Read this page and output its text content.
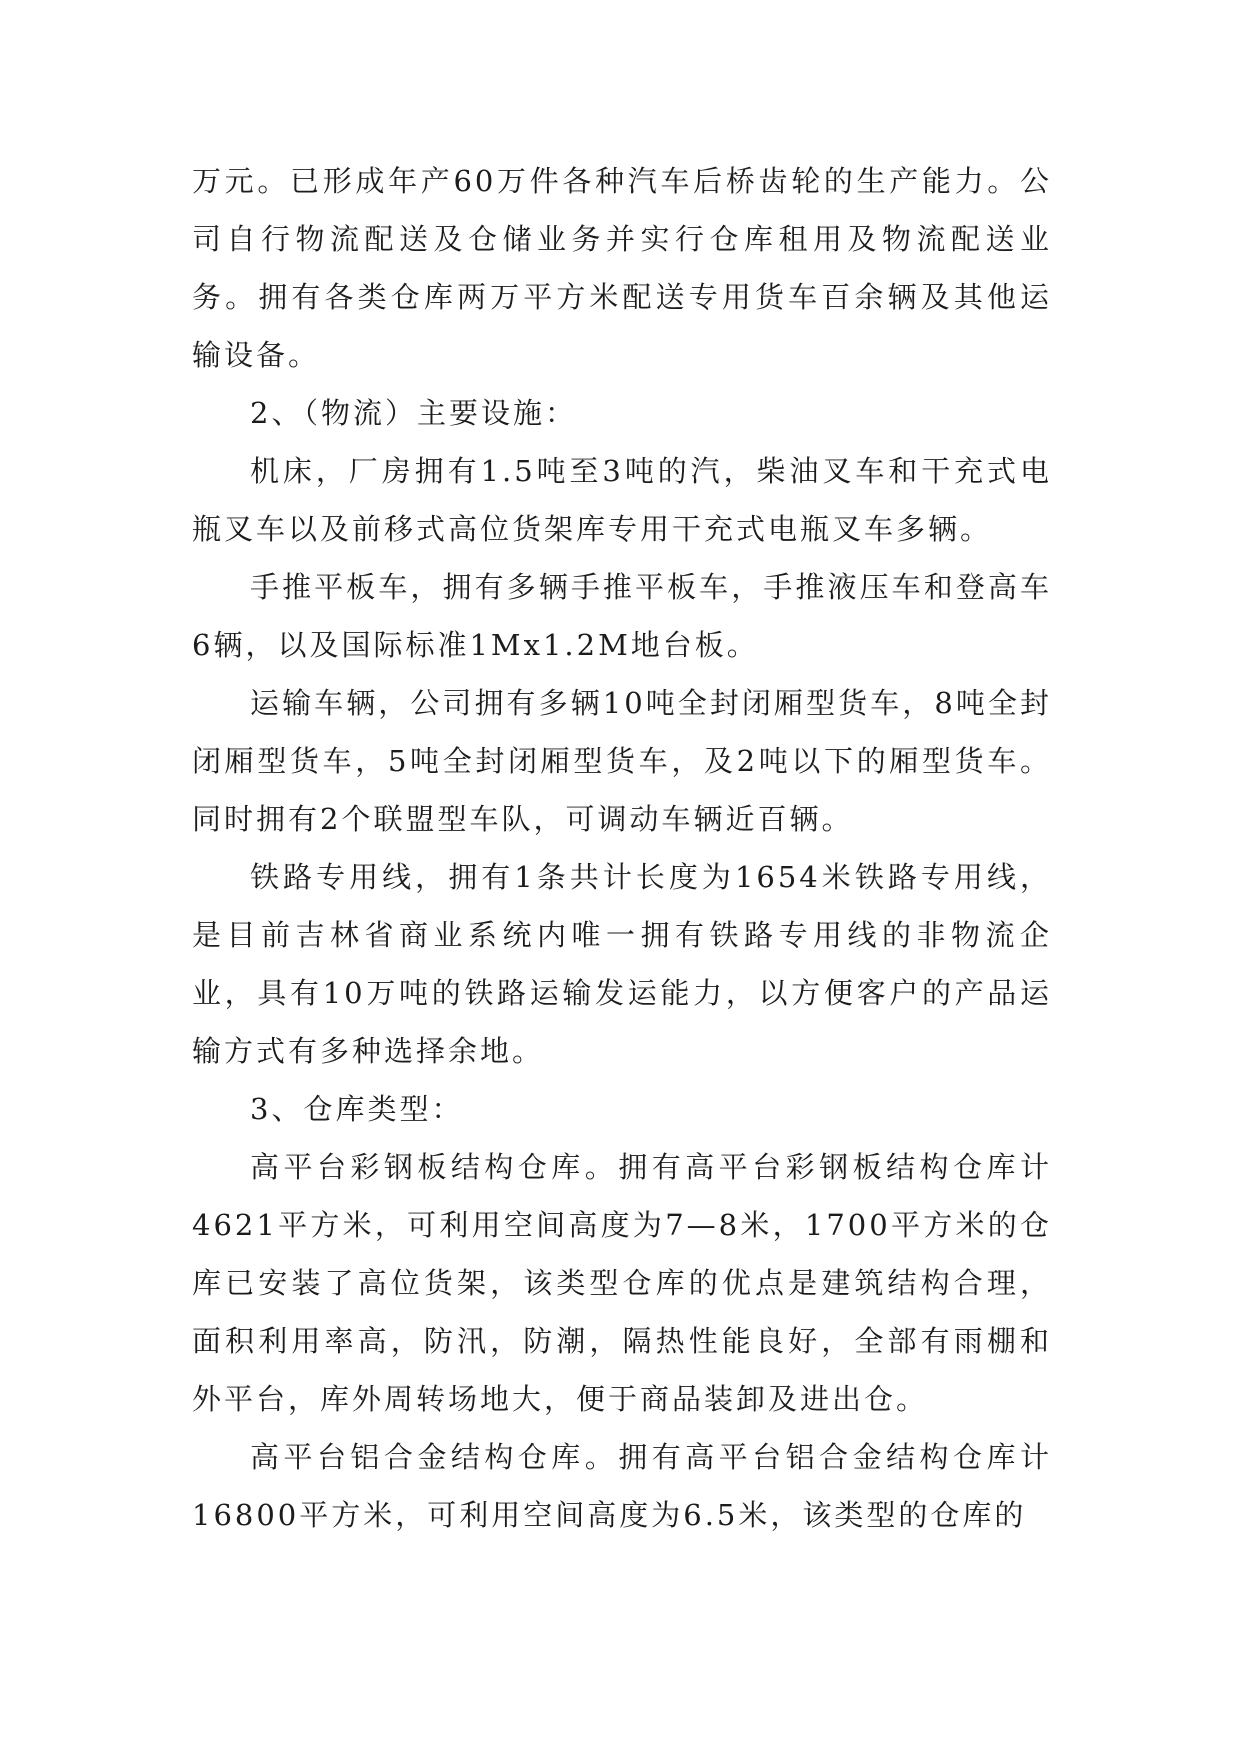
万元。已形成年产60万件各种汽车后桥齿轮的生产能力。公司自行物流配送及仓储业务并实行仓库租用及物流配送业务。拥有各类仓库两万平方米配送专用货车百余辆及其他运输设备。

2、（物流）主要设施：

机床，厂房拥有1.5吨至3吨的汽，柴油叉车和干充式电瓶叉车以及前移式高位货架库专用干充式电瓶叉车多辆。

手推平板车，拥有多辆手推平板车，手推液压车和登高车6辆，以及国际标准1Mx1.2M地台板。

运输车辆，公司拥有多辆10吨全封闭厢型货车，8吨全封闭厢型货车，5吨全封闭厢型货车，及2吨以下的厢型货车。同时拥有2个联盟型车队，可调动车辆近百辆。

铁路专用线，拥有1条共计长度为1654米铁路专用线，是目前吉林省商业系统内唯一拥有铁路专用线的非物流企业，具有10万吨的铁路运输发运能力，以方便客户的产品运输方式有多种选择余地。

3、仓库类型：

高平台彩钢板结构仓库。拥有高平台彩钢板结构仓库计4621平方米，可利用空间高度为7—8米，1700平方米的仓库已安装了高位货架，该类型仓库的优点是建筑结构合理，面积利用率高，防汛，防潮，隔热性能良好，全部有雨棚和外平台，库外周转场地大，便于商品装卸及进出仓。

高平台铝合金结构仓库。拥有高平台铝合金结构仓库计16800平方米，可利用空间高度为6.5米，该类型的仓库的
